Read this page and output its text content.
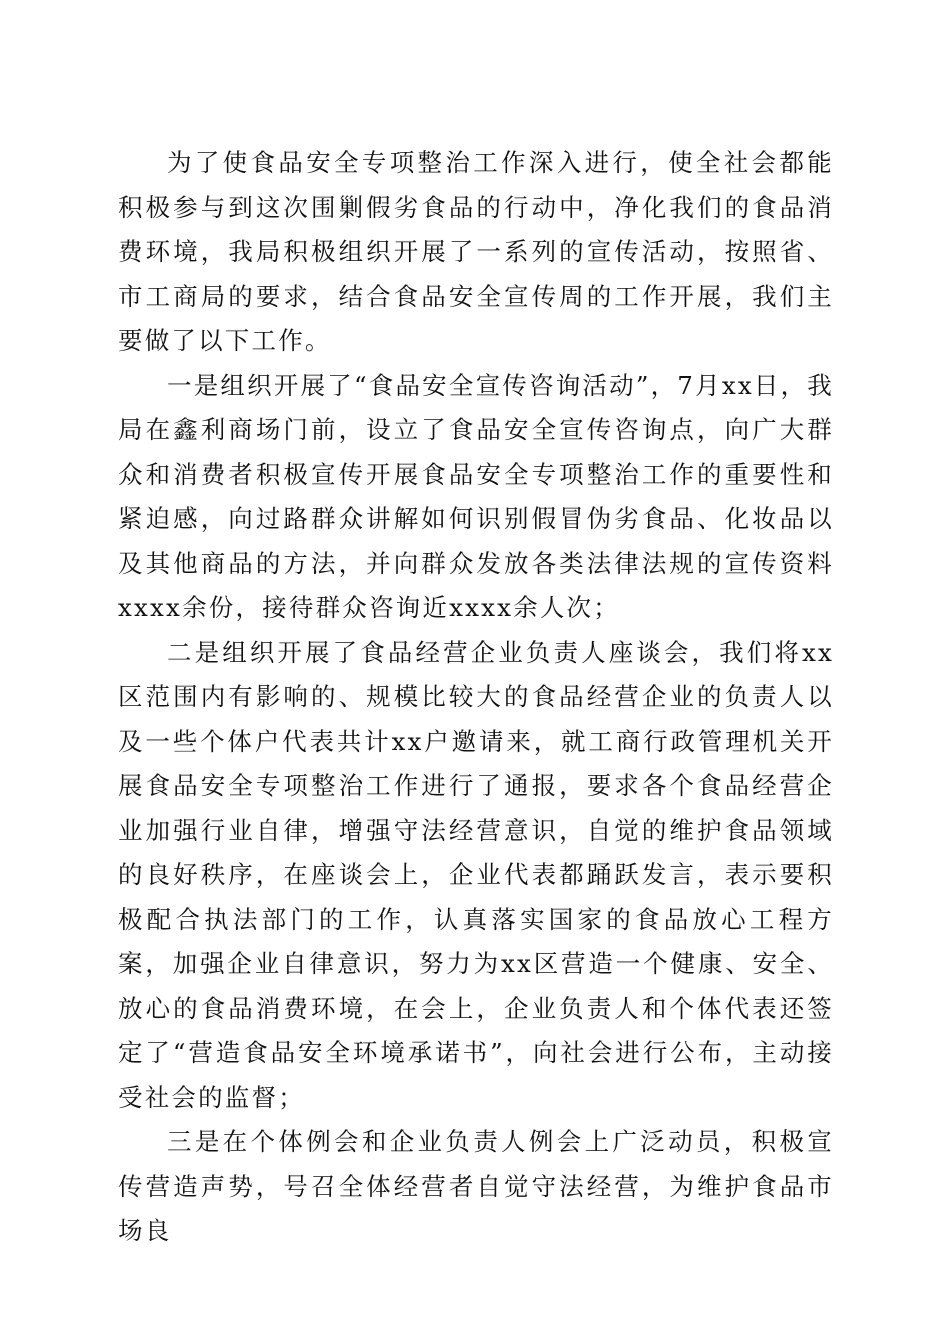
为了使食品安全专项整治工作深入进行，使全社会都能积极参与到这次围剿假劣食品的行动中，净化我们的食品消费环境，我局积极组织开展了一系列的宣传活动，按照省、市工商局的要求，结合食品安全宣传周的工作开展，我们主要做了以下工作。

一是组织开展了“食品安全宣传咨询活动”，7月xx日，我局在鑫利商场门前，设立了食品安全宣传咨询点，向广大群众和消费者积极宣传开展食品安全专项整治工作的重要性和紧迫感，向过路群众讲解如何识别假冒伪劣食品、化妆品以及其他商品的方法，并向群众发放各类法律法规的宣传资料xxxx余份，接待群众咨询近xxxx余人次；

二是组织开展了食品经营企业负责人座谈会，我们将xx区范围内有影响的、规模比较大的食品经营企业的负责人以及一些个体户代表共计xx户邀请来，就工商行政管理机关开展食品安全专项整治工作进行了通报，要求各个食品经营企业加强行业自律，增强守法经营意识，自觉的维护食品领域的良好秩序，在座谈会上，企业代表都踊跃发言，表示要积极配合执法部门的工作，认真落实国家的食品放心工程方案，加强企业自律意识，努力为xx区营造一个健康、安全、放心的食品消费环境，在会上，企业负责人和个体代表还签定了“营造食品安全环境承诺书”，向社会进行公布，主动接受社会的监督；

三是在个体例会和企业负责人例会上广泛动员，积极宣传营造声势，号召全体经营者自觉守法经营，为维护食品市场良
